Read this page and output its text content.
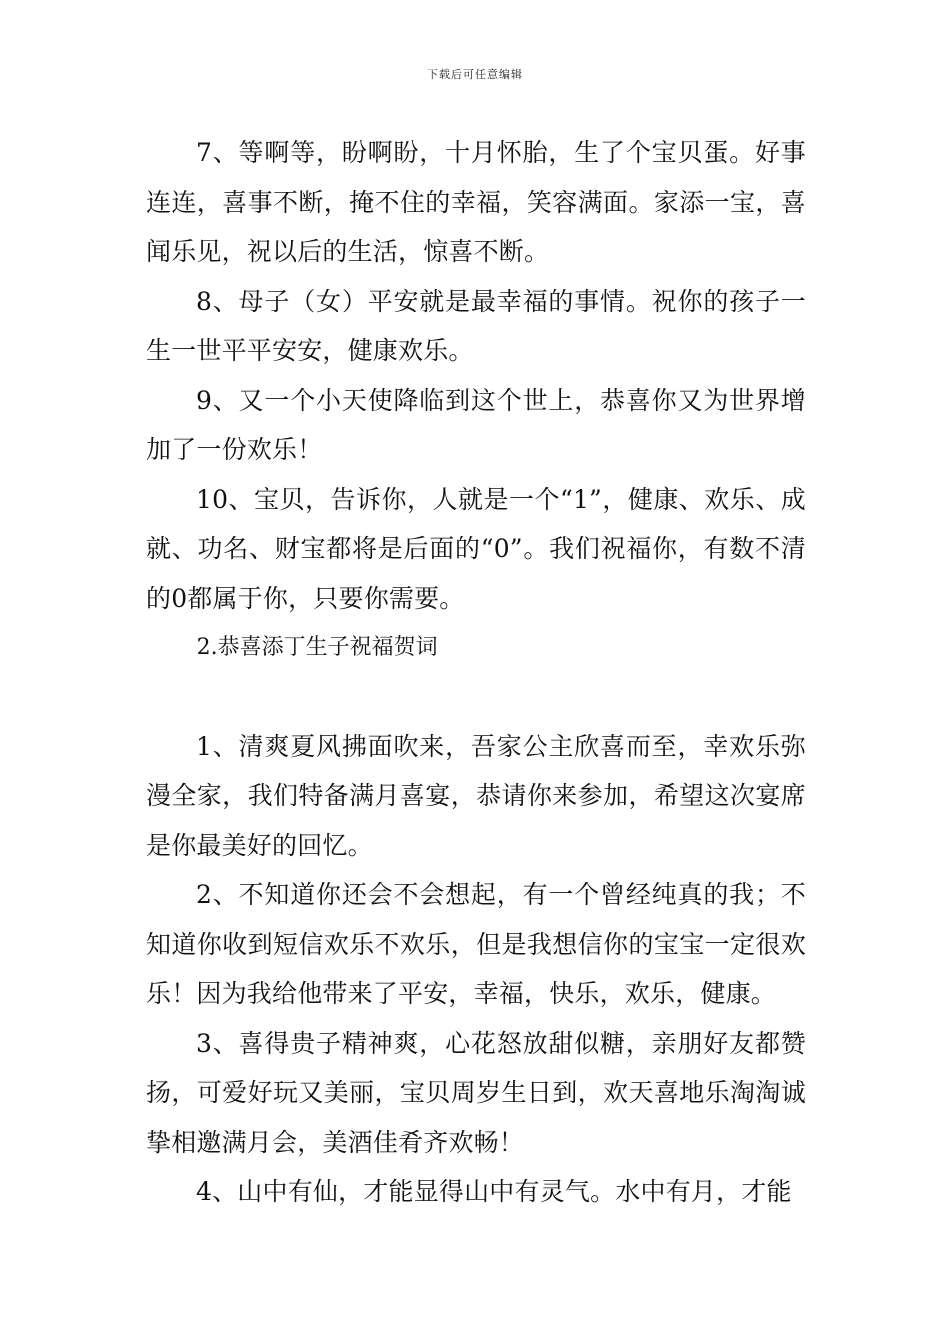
下载后可任意编辑

7、等啊等，盼啊盼，十月怀胎，生了个宝贝蛋。好事连连，喜事不断，掩不住的幸福，笑容满面。家添一宝，喜闻乐见，祝以后的生活，惊喜不断。

8、母子（女）平安就是最幸福的事情。祝你的孩子一生一世平平安安，健康欢乐。

9、又一个小天使降临到这个世上，恭喜你又为世界增加了一份欢乐！

10、宝贝，告诉你，人就是一个“1”，健康、欢乐、成就、功名、财宝都将是后面的“0”。我们祝福你，有数不清的0都属于你，只要你需要。

2.恭喜添丁生子祝福贺词

1、清爽夏风拂面吹来，吾家公主欣喜而至，幸欢乐弥漫全家，我们特备满月喜宴，恭请你来参加，希望这次宴席是你最美好的回忆。

2、不知道你还会不会想起，有一个曾经纯真的我；不知道你收到短信欢乐不欢乐，但是我想信你的宝宝一定很欢乐！因为我给他带来了平安，幸福，快乐，欢乐，健康。

3、喜得贵子精神爽，心花怒放甜似糖，亲朋好友都赞扬，可爱好玩又美丽，宝贝周岁生日到，欢天喜地乐淘淘诚挚相邀满月会，美酒佳肴齐欢畅！

4、山中有仙，才能显得山中有灵气。水中有月，才能
